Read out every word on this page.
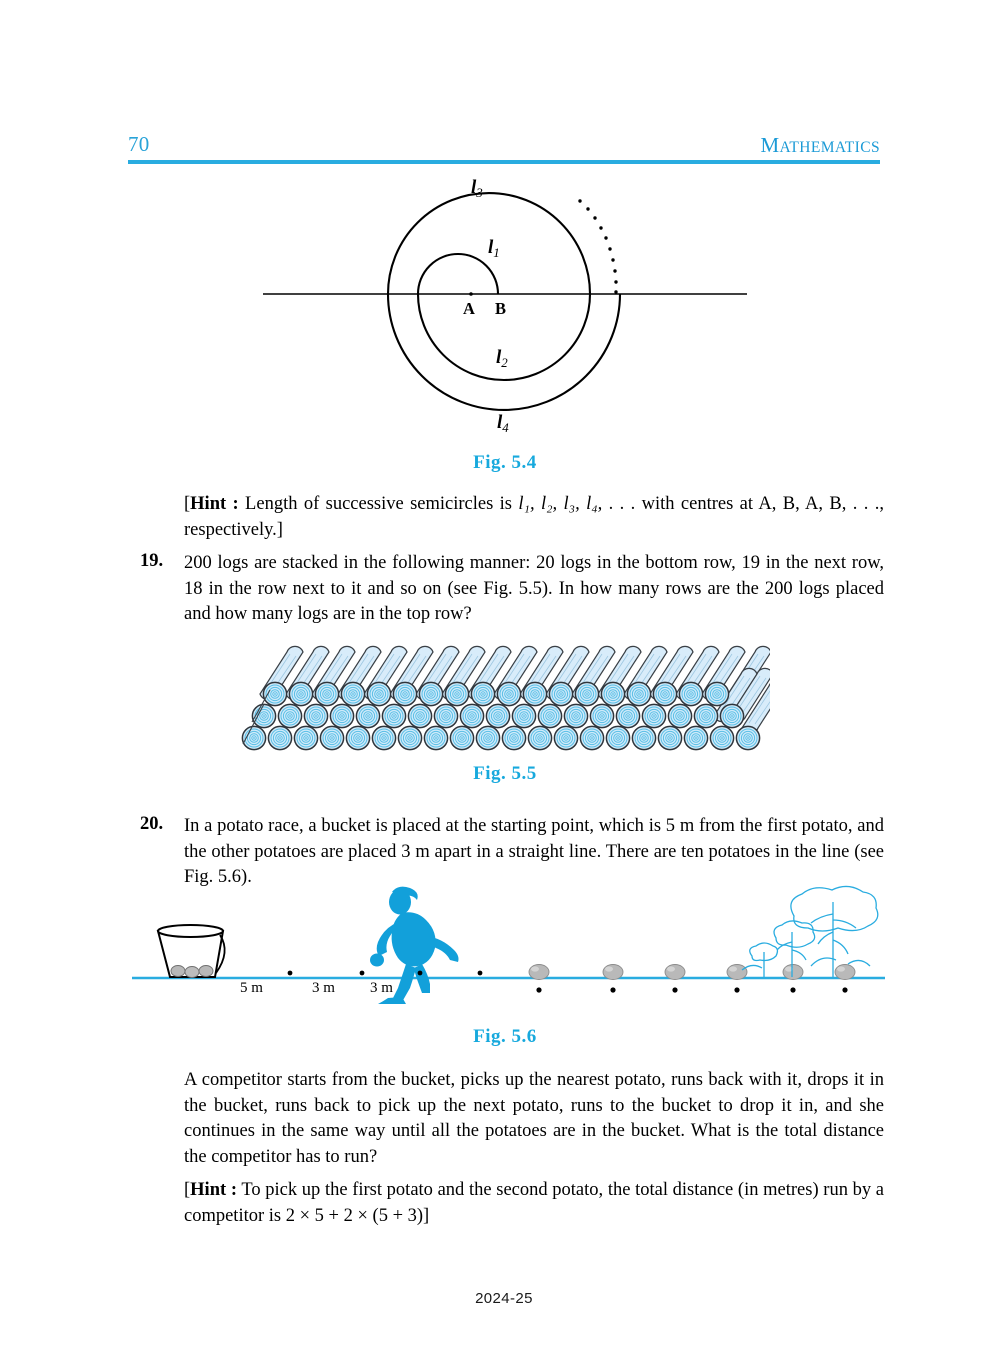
70	MATHEMATICS
$l_3$
$l_1$
$l_2$
$l_4$
A B
Fig. 5.4
[Hint : Length of successive semicircles is l₁, l₂, l₃, l₄, . . . with centres at A, B, A, B, . . ., respectively.]
19. 200 logs are stacked in the following manner: 20 logs in the bottom row, 19 in the next row, 18 in the row next to it and so on (see Fig. 5.5). In how many rows are the 200 logs placed and how many logs are in the top row?
Fig. 5.5
20. In a potato race, a bucket is placed at the starting point, which is 5 m from the first potato, and the other potatoes are placed 3 m apart in a straight line. There are ten potatoes in the line (see Fig. 5.6).
5 m	3 m 3 m
Fig. 5.6
A competitor starts from the bucket, picks up the nearest potato, runs back with it, drops it in the bucket, runs back to pick up the next potato, runs to the bucket to drop it in, and she continues in the same way until all the potatoes are in the bucket. What is the total distance the competitor has to run?
[Hint : To pick up the first potato and the second potato, the total distance (in metres) run by a competitor is 2 × 5 + 2 × (5 + 3)]
2024-25
